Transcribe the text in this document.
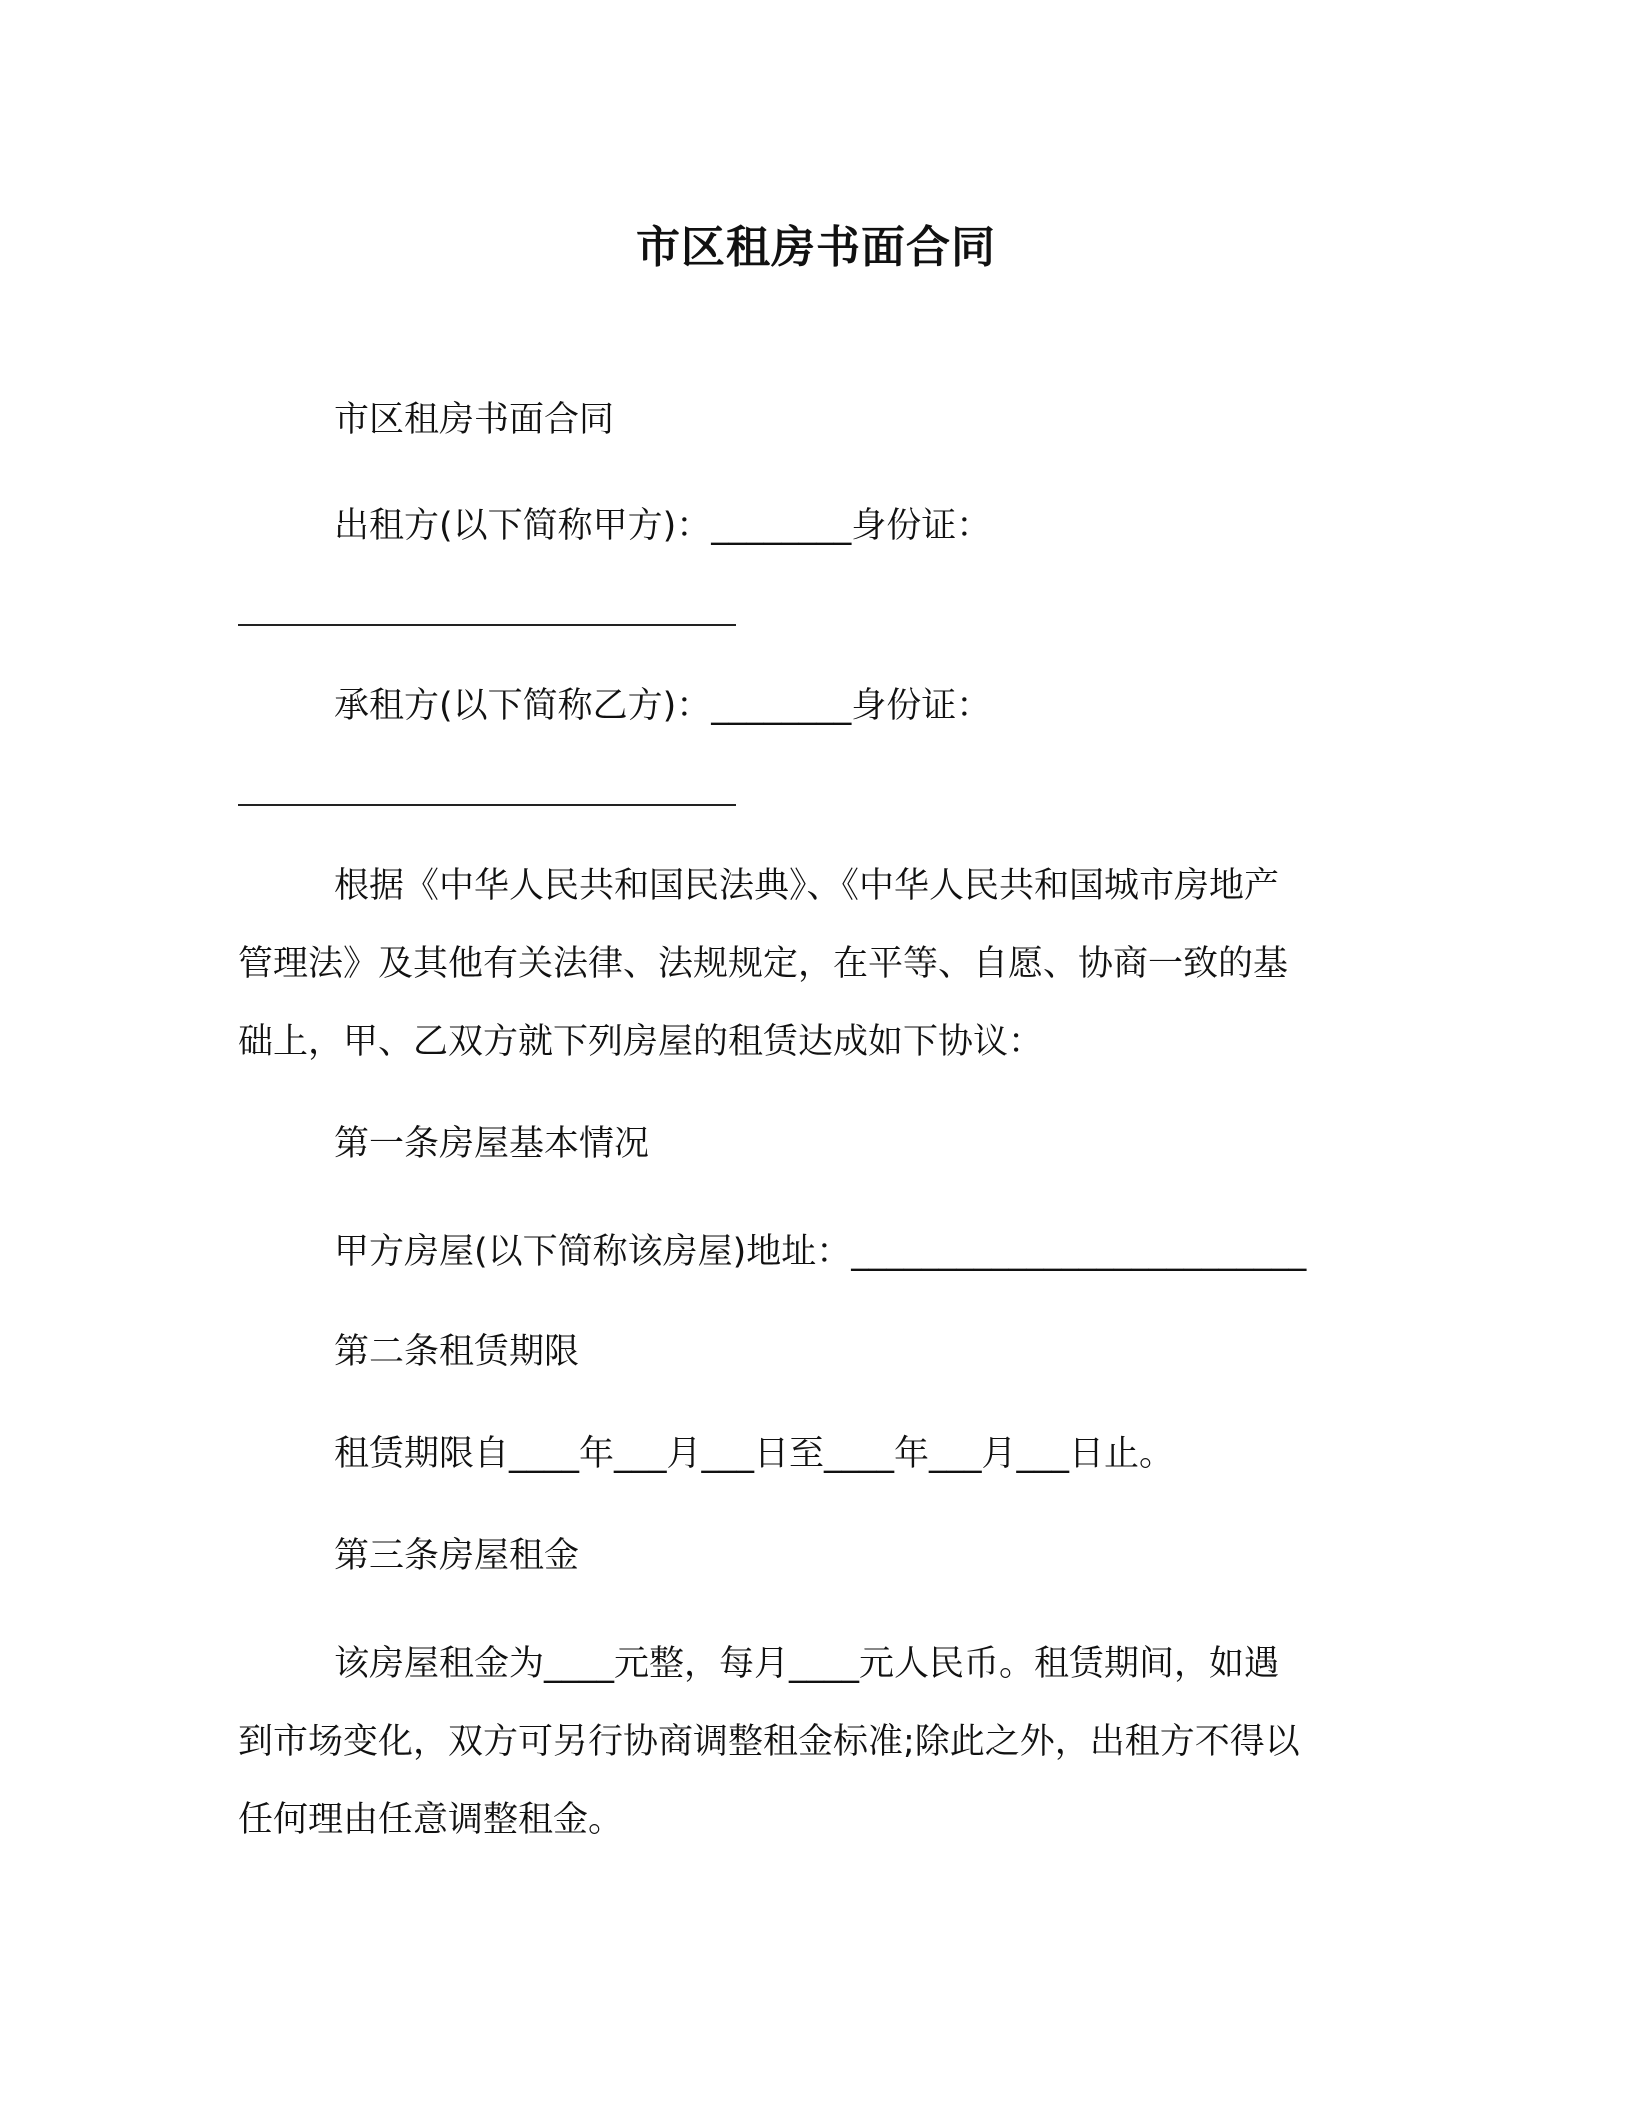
市区租房书面合同
市区租房书面合同
出租方(以下简称甲方)：________身份证：
承租方(以下简称乙方)：________身份证：
根据《中华人民共和国民法典》、《中华人民共和国城市房地产
管理法》及其他有关法律、法规规定，在平等、自愿、协商一致的基
础上，甲、乙双方就下列房屋的租赁达成如下协议：
第一条房屋基本情况
甲方房屋(以下简称该房屋)地址：__________________________
第二条租赁期限
租赁期限自____年___月___日至____年___月___日止。
第三条房屋租金
该房屋租金为____元整，每月____元人民币。租赁期间，如遇
到市场变化，双方可另行协商调整租金标准;除此之外，出租方不得以
任何理由任意调整租金。
